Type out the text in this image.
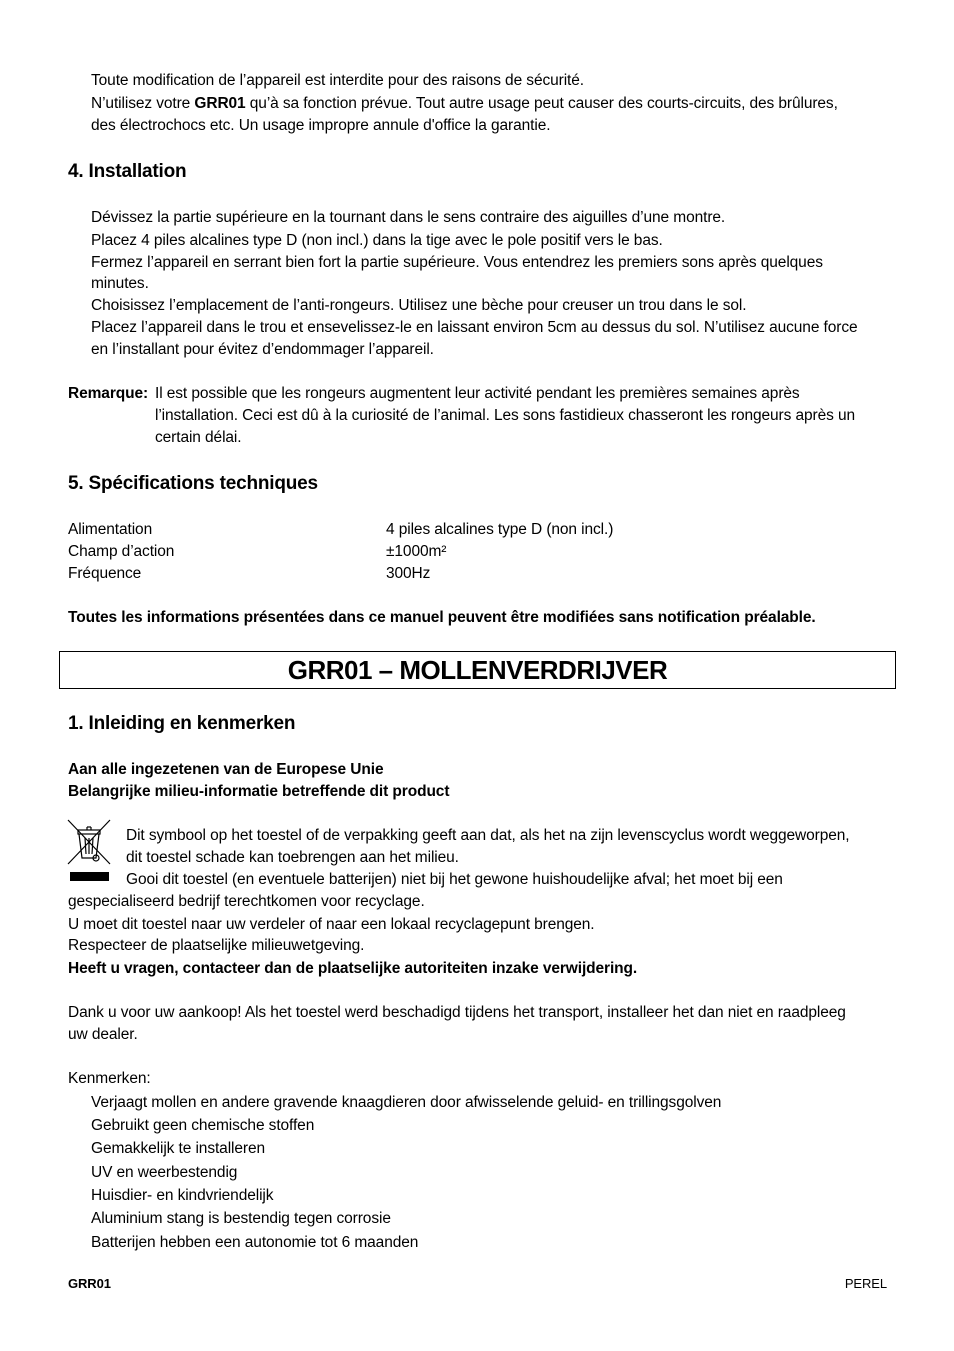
Toute modification de l’appareil est interdite pour des raisons de sécurité.
N’utilisez votre GRR01 qu’à sa fonction prévue. Tout autre usage peut causer des courts-circuits, des brûlures,
des électrochocs etc. Un usage impropre annule d'office la garantie.
4. Installation
Dévissez la partie supérieure en la tournant dans le sens contraire des aiguilles d’une montre.
Placez 4 piles alcalines type D (non incl.) dans la tige avec le pole positif vers le bas.
Fermez l’appareil en serrant bien fort la partie supérieure. Vous entendrez les premiers sons après quelques
minutes.
Choisissez l’emplacement de l’anti-rongeurs. Utilisez une bèche pour creuser un trou dans le sol.
Placez l’appareil dans le trou et ensevelissez-le en laissant environ 5cm au dessus du sol. N’utilisez aucune force
en l’installant pour évitez d’endommager l’appareil.
Remarque: Il est possible que les rongeurs augmentent leur activité pendant les premières semaines après
l’installation. Ceci est dû à la curiosité de l’animal. Les sons fastidieux chasseront les rongeurs après un
certain délai.
5. Spécifications techniques
Alimentation	4 piles alcalines type D (non incl.)
Champ d’action	±1000m²
Fréquence	300Hz
Toutes les informations présentées dans ce manuel peuvent être modifiées sans notification préalable.
GRR01 – MOLLENVERDRIJVER
1. Inleiding en kenmerken
Aan alle ingezetenen van de Europese Unie
Belangrijke milieu-informatie betreffende dit product
Dit symbool op het toestel of de verpakking geeft aan dat, als het na zijn levenscyclus wordt weggeworpen,
dit toestel schade kan toebrengen aan het milieu.
Gooi dit toestel (en eventuele batterijen) niet bij het gewone huishoudelijke afval; het moet bij een
gespecialiseerd bedrijf terechtkomen voor recyclage.
U moet dit toestel naar uw verdeler of naar een lokaal recyclagepunt brengen.
Respecteer de plaatselijke milieuwetgeving.
Heeft u vragen, contacteer dan de plaatselijke autoriteiten inzake verwijdering.
Dank u voor uw aankoop! Als het toestel werd beschadigd tijdens het transport, installeer het dan niet en raadpleeg
uw dealer.
Kenmerken:
Verjaagt mollen en andere gravende knaagdieren door afwisselende geluid- en trillingsgolven
Gebruikt geen chemische stoffen
Gemakkelijk te installeren
UV en weerbestendig
Huisdier- en kindvriendelijk
Aluminium stang is bestendig tegen corrosie
Batterijen hebben een autonomie tot 6 maanden
GRR01	PEREL
